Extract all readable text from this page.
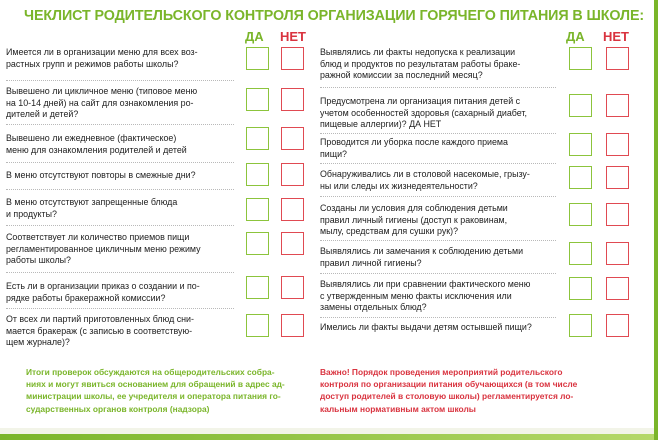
ЧЕКЛИСТ РОДИТЕЛЬСКОГО КОНТРОЛЯ ОРГАНИЗАЦИИ ГОРЯЧЕГО ПИТАНИЯ В ШКОЛЕ:
ДА НЕТ
Имеется ли в организации меню для всех воз-
растных групп и режимов работы школы?
Вывешено ли цикличное меню (типовое меню
на 10-14 дней) на сайт для ознакомления ро-
дителей и детей?
Вывешено ли ежедневное (фактическое)
меню для ознакомления родителей и детей
В меню отсутствуют повторы в смежные дни?
В меню отсутствуют запрещенные блюда
и продукты?
Соответствует ли количество приемов пищи
регламентированное цикличным меню режиму
работы школы?
Есть ли в организации приказ о создании и по-
рядке работы бракеражной комиссии?
От всех ли партий приготовленных блюд сни-
мается бракераж (с записью в соответствую-
щем журнале)?
ДА НЕТ
Выявлялись ли факты недопуска к реализации
блюд и продуктов по результатам работы браке-
ражной комиссии за последний месяц?
Предусмотрена ли организация питания детей с
учетом особенностей здоровья (сахарный диабет,
пищевые аллергии)? ДА НЕТ
Проводится ли уборка после каждого приема
пищи?
Обнаруживались ли в столовой насекомые, грызу-
ны или следы их жизнедеятельности?
Созданы ли условия для соблюдения детьми
правил личный гигиены (доступ к раковинам,
мылу, средствам для сушки рук)?
Выявлялись ли замечания к соблюдению детьми
правил личной гигиены?
Выявлялись ли при сравнении фактического меню
с утвержденным меню факты исключения или
замены отдельных блюд?
Имелись ли факты выдачи детям остывшей пищи?
Итоги проверок обсуждаются на общеродительских собра-
ниях и могут явиться основанием для обращений в адрес ад-
министрации школы, ее учредителя и оператора питания го-
сударственных органов контроля (надзора)
Важно! Порядок проведения мероприятий родительского
контроля по организации питания обучающихся (в том числе
доступ родителей в столовую школы) регламентируется ло-
кальным нормативным актом школы
